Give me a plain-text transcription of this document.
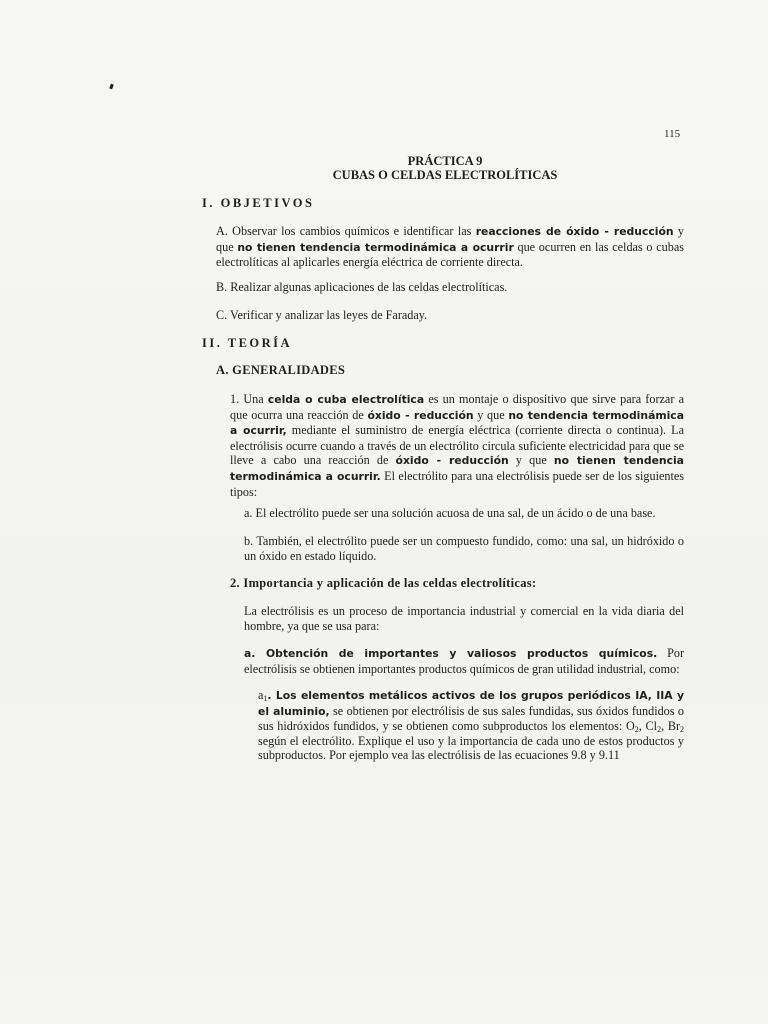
115
PRÁCTICA 9
CUBAS O CELDAS ELECTROLÍTICAS
I. OBJETIVOS
A. Observar los cambios químicos e identificar las reacciones de óxido - reducción y que no tienen tendencia termodinámica a ocurrir que ocurren en las celdas o cubas electrolíticas al aplicarles energía eléctrica de corriente directa.
B. Realizar algunas aplicaciones de las celdas electrolíticas.
C. Verificar y analizar las leyes de Faraday.
II. TEORÍA
A. GENERALIDADES
1. Una celda o cuba electrolítica es un montaje o dispositivo que sirve para forzar a que ocurra una reacción de óxido - reducción y que no tendencia termodinámica a ocurrir, mediante el suministro de energía eléctrica (corriente directa o continua). La electrólisis ocurre cuando a través de un electrólito circula suficiente electricidad para que se lleve a cabo una reacción de óxido - reducción y que no tienen tendencia termodinámica a ocurrir. El electrólito para una electrólisis puede ser de los siguientes tipos:
a. El electrólito puede ser una solución acuosa de una sal, de un ácido o de una base.
b. También, el electrólito puede ser un compuesto fundido, como: una sal, un hidróxido o un óxido en estado líquido.
2. Importancia y aplicación de las celdas electrolíticas:
La electrólisis es un proceso de importancia industrial y comercial en la vida diaria del hombre, ya que se usa para:
a. Obtención de importantes y valiosos productos químicos. Por electrólisis se obtienen importantes productos químicos de gran utilidad industrial, como:
$a_1$. Los elementos metálicos activos de los grupos periódicos IA, IIA y el aluminio, se obtienen por electrólisis de sus sales fundidas, sus óxidos fundidos o sus hidróxidos fundidos, y se obtienen como subproductos los elementos: $O_2$, $Cl_2$, $Br_2$ según el electrólito. Explique el uso y la importancia de cada uno de estos productos y subproductos. Por ejemplo vea las electrólisis de las ecuaciones 9.8 y 9.11
